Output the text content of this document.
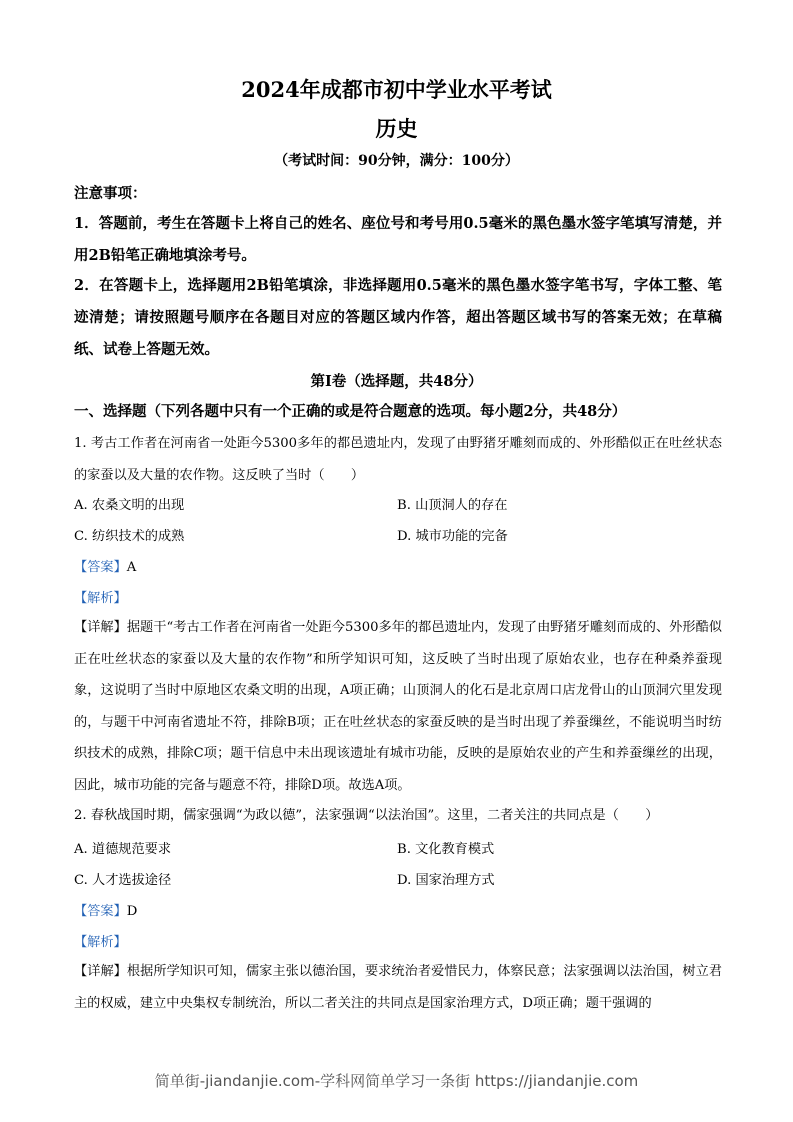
2024年成都市初中学业水平考试
历史
（考试时间：90分钟，满分：100分）
注意事项：
1．答题前，考生在答题卡上将自己的姓名、座位号和考号用0.5毫米的黑色墨水签字笔填写清楚，并用2B铅笔正确地填涂考号。
2．在答题卡上，选择题用2B铅笔填涂，非选择题用0.5毫米的黑色墨水签字笔书写，字体工整、笔迹清楚；请按照题号顺序在各题目对应的答题区域内作答，超出答题区域书写的答案无效；在草稿纸、试卷上答题无效。
第Ⅰ卷（选择题，共48分）
一、选择题（下列各题中只有一个正确的或是符合题意的选项。每小题2分，共48分）
1. 考古工作者在河南省一处距今5300多年的都邑遗址内，发现了由野猪牙雕刻而成的、外形酷似正在吐丝状态的家蚕以及大量的农作物。这反映了当时（　　）
A. 农桑文明的出现	B. 山顶洞人的存在
C. 纺织技术的成熟	D. 城市功能的完备
【答案】A
【解析】
【详解】据题干“考古工作者在河南省一处距今5300多年的都邑遗址内，发现了由野猪牙雕刻而成的、外形酷似正在吐丝状态的家蚕以及大量的农作物”和所学知识可知，这反映了当时出现了原始农业，也存在种桑养蚕现象，这说明了当时中原地区农桑文明的出现，A项正确；山顶洞人的化石是北京周口店龙骨山的山顶洞穴里发现的，与题干中河南省遗址不符，排除B项；正在吐丝状态的家蚕反映的是当时出现了养蚕缫丝，不能说明当时纺织技术的成熟，排除C项；题干信息中未出现该遗址有城市功能，反映的是原始农业的产生和养蚕缫丝的出现，因此，城市功能的完备与题意不符，排除D项。故选A项。
2. 春秋战国时期，儒家强调“为政以德”，法家强调“以法治国”。这里，二者关注的共同点是（　　）
A. 道德规范要求	B. 文化教育模式
C. 人才选拔途径	D. 国家治理方式
【答案】D
【解析】
【详解】根据所学知识可知，儒家主张以德治国，要求统治者爱惜民力，体察民意；法家强调以法治国，树立君主的权威，建立中央集权专制统治，所以二者关注的共同点是国家治理方式，D项正确；题干强调的
简单街-jiandanjie.com-学科网简单学习一条街 https://jiandanjie.com
